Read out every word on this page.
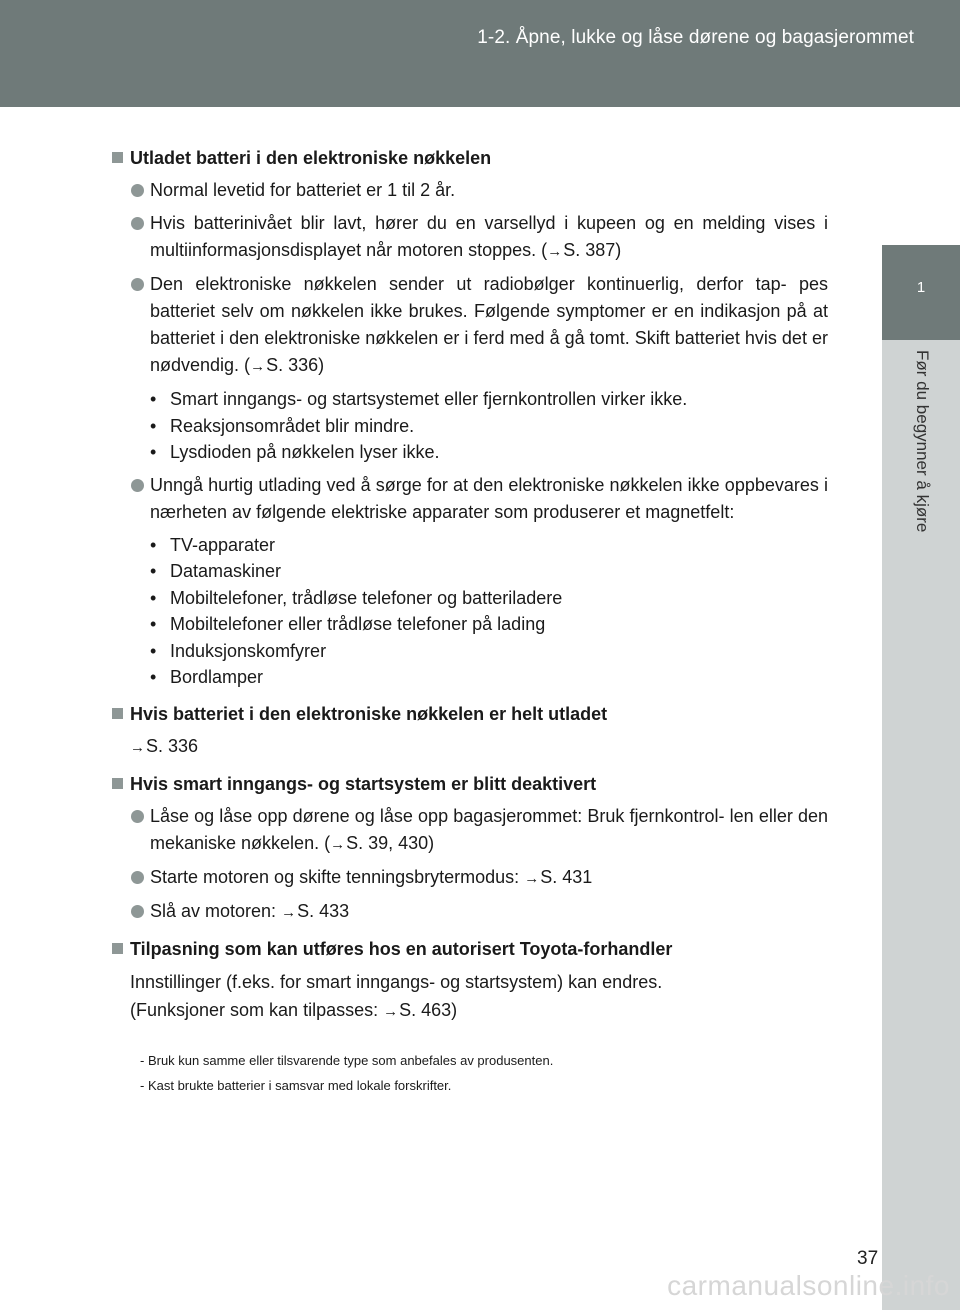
1-2. Åpne, lukke og låse dørene og bagasjerommet
1
Før du begynner å kjøre
Utladet batteri i den elektroniske nøkkelen
Normal levetid for batteriet er 1 til 2 år.
Hvis batterinivået blir lavt, hører du en varsellyd i kupeen og en melding vises i multiinformasjonsdisplayet når motoren stoppes. (→S. 387)
Den elektroniske nøkkelen sender ut radiobølger kontinuerlig, derfor tap- pes batteriet selv om nøkkelen ikke brukes. Følgende symptomer er en indikasjon på at batteriet i den elektroniske nøkkelen er i ferd med å gå tomt. Skift batteriet hvis det er nødvendig. (→S. 336)
• Smart inngangs- og startsystemet eller fjernkontrollen virker ikke.
• Reaksjonsområdet blir mindre.
• Lysdioden på nøkkelen lyser ikke.
Unngå hurtig utlading ved å sørge for at den elektroniske nøkkelen ikke oppbevares i nærheten av følgende elektriske apparater som produserer et magnetfelt:
• TV-apparater
• Datamaskiner
• Mobiltelefoner, trådløse telefoner og batteriladere
• Mobiltelefoner eller trådløse telefoner på lading
• Induksjonskomfyrer
• Bordlamper
Hvis batteriet i den elektroniske nøkkelen er helt utladet
→S. 336
Hvis smart inngangs- og startsystem er blitt deaktivert
Låse og låse opp dørene og låse opp bagasjerommet: Bruk fjernkontrol- len eller den mekaniske nøkkelen. (→S. 39, 430)
Starte motoren og skifte tenningsbrytermodus: →S. 431
Slå av motoren: →S. 433
Tilpasning som kan utføres hos en autorisert Toyota-forhandler
Innstillinger (f.eks. for smart inngangs- og startsystem) kan endres.
(Funksjoner som kan tilpasses: →S. 463)
- Bruk kun samme eller tilsvarende type som anbefales av produsenten.
- Kast brukte batterier i samsvar med lokale forskrifter.
37
carmanualsonline.info
